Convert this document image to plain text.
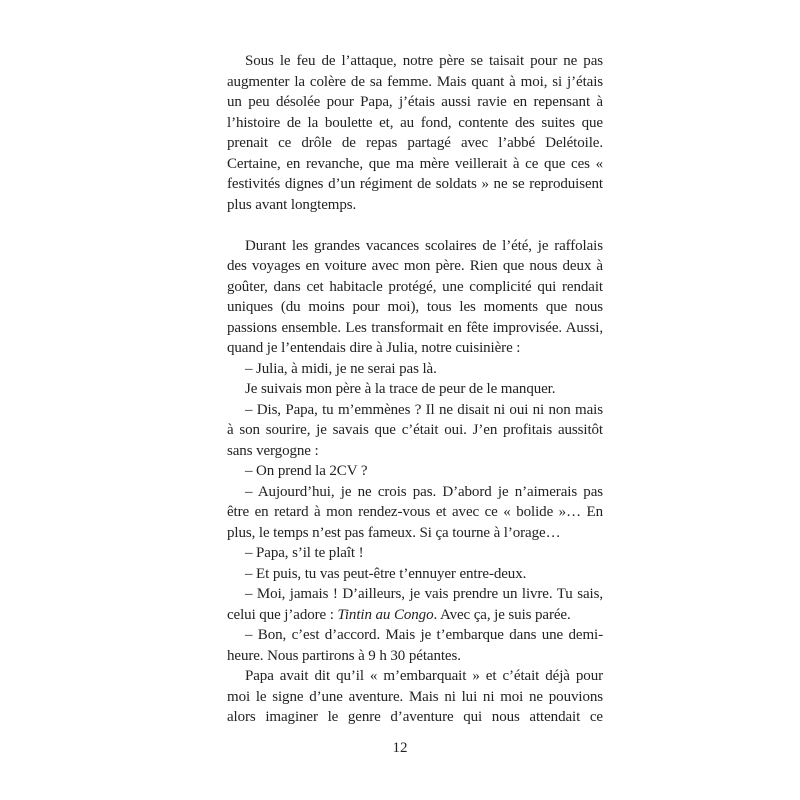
Sous le feu de l’attaque, notre père se taisait pour ne pas augmenter la colère de sa femme. Mais quant à moi, si j’étais un peu désolée pour Papa, j’étais aussi ravie en repensant à l’histoire de la boulette et, au fond, contente des suites que prenait ce drôle de repas partagé avec l’abbé Delétoile. Certaine, en revanche, que ma mère veillerait à ce que ces « festivités dignes d’un régiment de soldats » ne se reproduisent plus avant longtemps.

Durant les grandes vacances scolaires de l’été, je raffolais des voyages en voiture avec mon père. Rien que nous deux à goûter, dans cet habitacle protégé, une complicité qui rendait uniques (du moins pour moi), tous les moments que nous passions ensemble. Les transformait en fête improvisée. Aussi, quand je l’entendais dire à Julia, notre cuisinière :

– Julia, à midi, je ne serai pas là.

Je suivais mon père à la trace de peur de le manquer.

– Dis, Papa, tu m’emmènes ? Il ne disait ni oui ni non mais à son sourire, je savais que c’était oui. J’en profitais aussitôt sans vergogne :

– On prend la 2CV ?

– Aujourd’hui, je ne crois pas. D’abord je n’aimerais pas être en retard à mon rendez-vous et avec ce « bolide »… En plus, le temps n’est pas fameux. Si ça tourne à l’orage…

– Papa, s’il te plaît !

– Et puis, tu vas peut-être t’ennuyer entre-deux.

– Moi, jamais ! D’ailleurs, je vais prendre un livre. Tu sais, celui que j’adore : Tintin au Congo. Avec ça, je suis parée.

– Bon, c’est d’accord. Mais je t’embarque dans une demi-heure. Nous partirons à 9 h 30 pétantes.

Papa avait dit qu’il « m’embarquait » et c’était déjà pour moi le signe d’une aventure. Mais ni lui ni moi ne pouvions alors imaginer le genre d’aventure qui nous attendait ce

12
